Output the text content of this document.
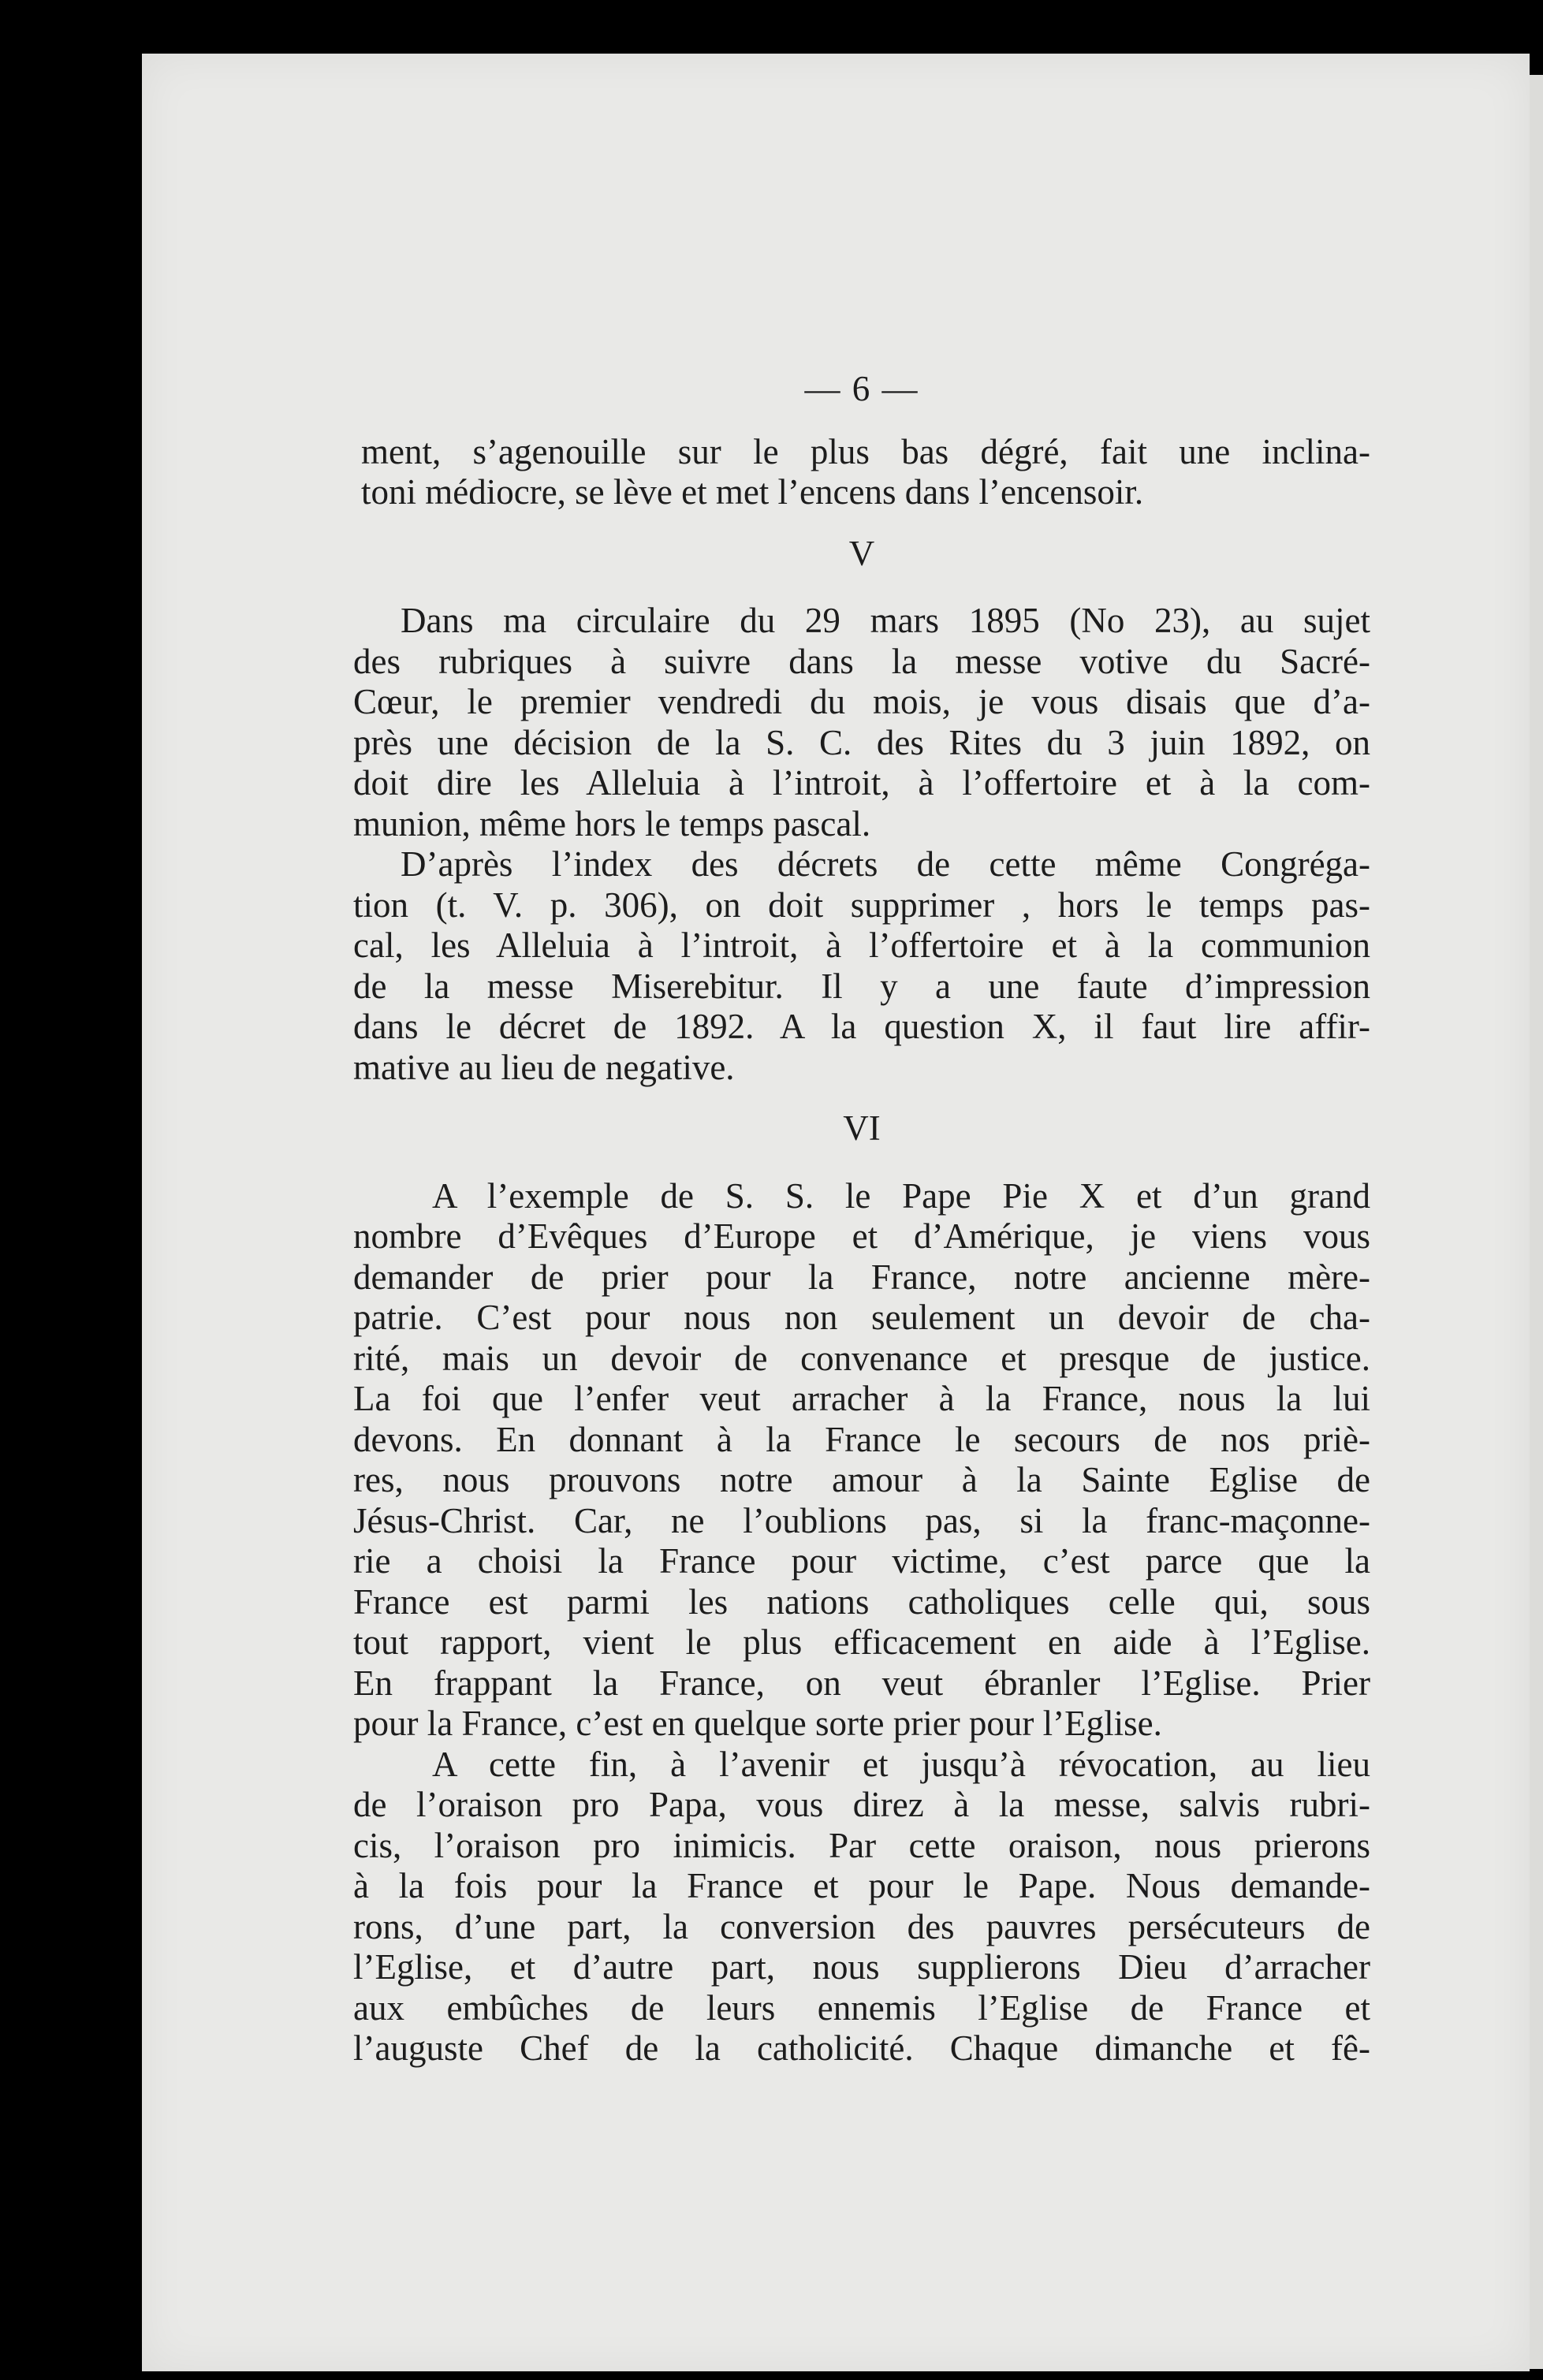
— 6 —
ment, s’agenouille sur le plus bas dégré, fait une inclina-
toni médiocre, se lève et met l’encens dans l’encensoir.
V
Dans ma circulaire du 29 mars 1895 (No 23), au sujet
des rubriques à suivre dans la messe votive du Sacré-
Cœur, le premier vendredi du mois, je vous disais que d’a-
près une décision de la S. C. des Rites du 3 juin 1892, on
doit dire les Alleluia à l’introit, à l’offertoire et à la com-
munion, même hors le temps pascal.
D’après l’index des décrets de cette même Congréga-
tion (t. V. p. 306), on doit supprimer , hors le temps pas-
cal, les Alleluia à l’introit, à l’offertoire et à la communion
de la messe Miserebitur. Il y a une faute d’impression
dans le décret de 1892. A la question X, il faut lire affir-
mative au lieu de negative.
VI
A l’exemple de S. S. le Pape Pie X et d’un grand
nombre d’Evêques d’Europe et d’Amérique, je viens vous
demander de prier pour la France, notre ancienne mère-
patrie. C’est pour nous non seulement un devoir de cha-
rité, mais un devoir de convenance et presque de justice.
La foi que l’enfer veut arracher à la France, nous la lui
devons. En donnant à la France le secours de nos priè-
res, nous prouvons notre amour à la Sainte Eglise de
Jésus-Christ. Car, ne l’oublions pas, si la franc-maçonne-
rie a choisi la France pour victime, c’est parce que la
France est parmi les nations catholiques celle qui, sous
tout rapport, vient le plus efficacement en aide à l’Eglise.
En frappant la France, on veut ébranler l’Eglise. Prier
pour la France, c’est en quelque sorte prier pour l’Eglise.
A cette fin, à l’avenir et jusqu’à révocation, au lieu
de l’oraison pro Papa, vous direz à la messe, salvis rubri-
cis, l’oraison pro inimicis. Par cette oraison, nous prierons
à la fois pour la France et pour le Pape. Nous demande-
rons, d’une part, la conversion des pauvres persécuteurs de
l’Eglise, et d’autre part, nous supplierons Dieu d’arracher
aux embûches de leurs ennemis l’Eglise de France et
l’auguste Chef de la catholicité. Chaque dimanche et fê-
